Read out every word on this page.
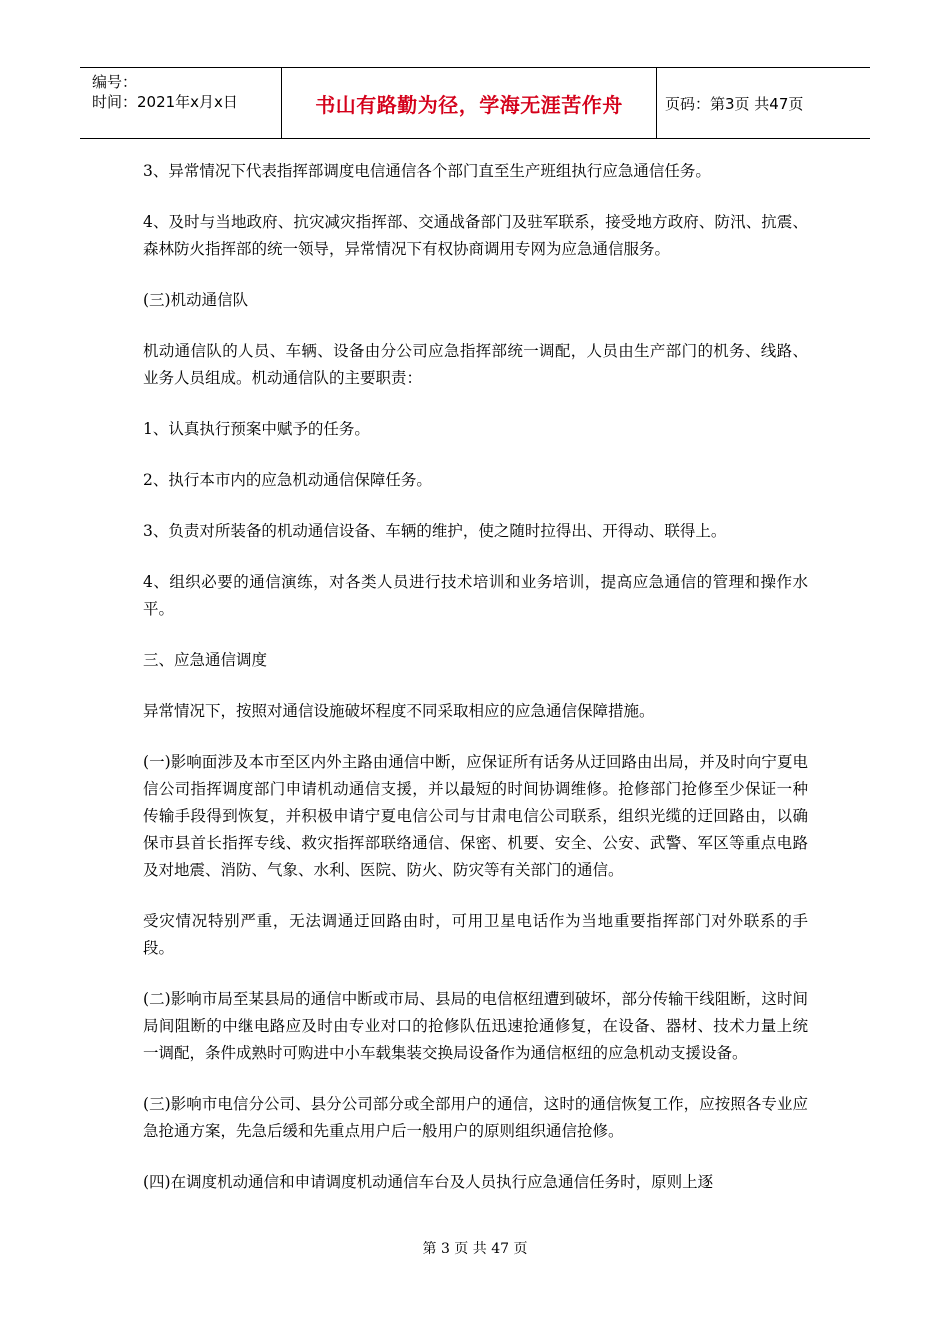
编号：
时间：2021年x月x日	书山有路勤为径，学海无涯苦作舟	页码：第3页 共47页

3、异常情况下代表指挥部调度电信通信各个部门直至生产班组执行应急通信任务。

4、及时与当地政府、抗灾减灾指挥部、交通战备部门及驻军联系，接受地方政府、防汛、抗震、森林防火指挥部的统一领导，异常情况下有权协商调用专网为应急通信服务。

(三)机动通信队

机动通信队的人员、车辆、设备由分公司应急指挥部统一调配，人员由生产部门的机务、线路、业务人员组成。机动通信队的主要职责：

1、认真执行预案中赋予的任务。

2、执行本市内的应急机动通信保障任务。

3、负责对所装备的机动通信设备、车辆的维护，使之随时拉得出、开得动、联得上。

4、组织必要的通信演练，对各类人员进行技术培训和业务培训，提高应急通信的管理和操作水平。

三、应急通信调度

异常情况下，按照对通信设施破坏程度不同采取相应的应急通信保障措施。

(一)影响面涉及本市至区内外主路由通信中断，应保证所有话务从迂回路由出局，并及时向宁夏电信公司指挥调度部门申请机动通信支援，并以最短的时间协调维修。抢修部门抢修至少保证一种传输手段得到恢复，并积极申请宁夏电信公司与甘肃电信公司联系，组织光缆的迂回路由，以确保市县首长指挥专线、救灾指挥部联络通信、保密、机要、安全、公安、武警、军区等重点电路及对地震、消防、气象、水利、医院、防火、防灾等有关部门的通信。

受灾情况特别严重，无法调通迂回路由时，可用卫星电话作为当地重要指挥部门对外联系的手段。

(二)影响市局至某县局的通信中断或市局、县局的电信枢纽遭到破坏，部分传输干线阻断，这时间局间阻断的中继电路应及时由专业对口的抢修队伍迅速抢通修复，在设备、器材、技术力量上统一调配，条件成熟时可购进中小车载集装交换局设备作为通信枢纽的应急机动支援设备。

(三)影响市电信分公司、县分公司部分或全部用户的通信，这时的通信恢复工作，应按照各专业应急抢通方案，先急后缓和先重点用户后一般用户的原则组织通信抢修。

(四)在调度机动通信和申请调度机动通信车台及人员执行应急通信任务时，原则上逐

第 3 页 共 47 页
